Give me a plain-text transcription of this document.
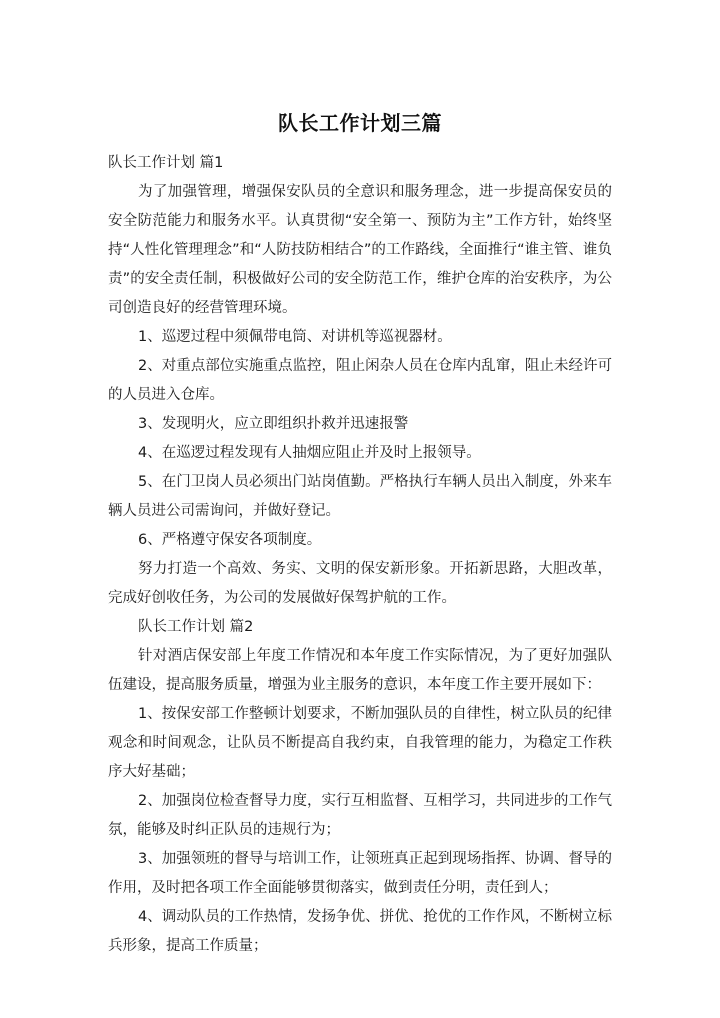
队长工作计划三篇

队长工作计划 篇1

为了加强管理，增强保安队员的全意识和服务理念，进一步提高保安员的安全防范能力和服务水平。认真贯彻“安全第一、预防为主”工作方针，始终坚持“人性化管理理念”和“人防技防相结合”的工作路线，全面推行“谁主管、谁负责”的安全责任制，积极做好公司的安全防范工作，维护仓库的治安秩序，为公司创造良好的经营管理环境。

1、巡逻过程中须佩带电筒、对讲机等巡视器材。

2、对重点部位实施重点监控，阻止闲杂人员在仓库内乱窜，阻止未经许可的人员进入仓库。

3、发现明火，应立即组织扑救并迅速报警

4、在巡逻过程发现有人抽烟应阻止并及时上报领导。

5、在门卫岗人员必须出门站岗值勤。严格执行车辆人员出入制度，外来车辆人员进公司需询问，并做好登记。

6、严格遵守保安各项制度。

努力打造一个高效、务实、文明的保安新形象。开拓新思路，大胆改革，完成好创收任务，为公司的发展做好保驾护航的工作。

队长工作计划 篇2

针对酒店保安部上年度工作情况和本年度工作实际情况，为了更好加强队伍建设，提高服务质量，增强为业主服务的意识，本年度工作主要开展如下：

1、按保安部工作整顿计划要求，不断加强队员的自律性，树立队员的纪律观念和时间观念，让队员不断提高自我约束，自我管理的能力，为稳定工作秩序大好基础；

2、加强岗位检查督导力度，实行互相监督、互相学习，共同进步的工作气氛，能够及时纠正队员的违规行为；

3、加强领班的督导与培训工作，让领班真正起到现场指挥、协调、督导的作用，及时把各项工作全面能够贯彻落实，做到责任分明，责任到人；

4、调动队员的工作热情，发扬争优、拼优、抢优的工作作风，不断树立标兵形象，提高工作质量；
